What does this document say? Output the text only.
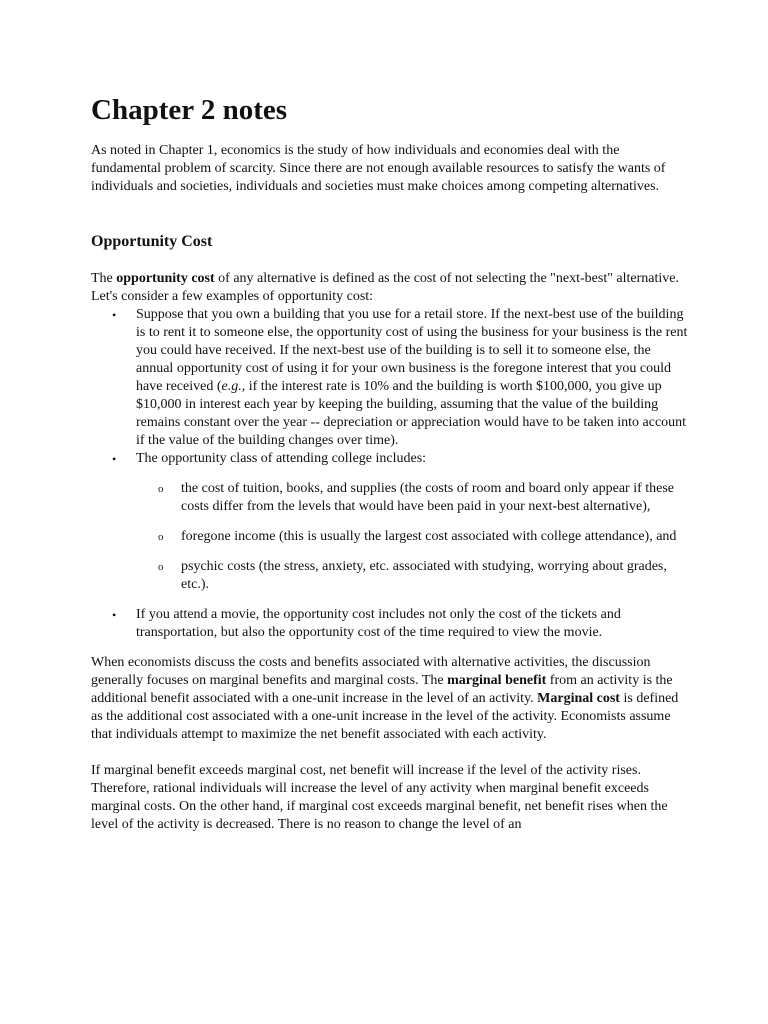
Chapter 2 notes

As noted in Chapter 1, economics is the study of how individuals and economies deal with the fundamental problem of scarcity. Since there are not enough available resources to satisfy the wants of individuals and societies, individuals and societies must make choices among competing alternatives.

Opportunity Cost

The opportunity cost of any alternative is defined as the cost of not selecting the "next-best" alternative. Let's consider a few examples of opportunity cost:

• Suppose that you own a building that you use for a retail store. If the next-best use of the building is to rent it to someone else, the opportunity cost of using the business for your business is the rent you could have received. If the next-best use of the building is to sell it to someone else, the annual opportunity cost of using it for your own business is the foregone interest that you could have received (e.g., if the interest rate is 10% and the building is worth $100,000, you give up $10,000 in interest each year by keeping the building, assuming that the value of the building remains constant over the year -- depreciation or appreciation would have to be taken into account if the value of the building changes over time).
• The opportunity class of attending college includes:
o the cost of tuition, books, and supplies (the costs of room and board only appear if these costs differ from the levels that would have been paid in your next-best alternative),
o foregone income (this is usually the largest cost associated with college attendance), and
o psychic costs (the stress, anxiety, etc. associated with studying, worrying about grades, etc.).
• If you attend a movie, the opportunity cost includes not only the cost of the tickets and transportation, but also the opportunity cost of the time required to view the movie.

When economists discuss the costs and benefits associated with alternative activities, the discussion generally focuses on marginal benefits and marginal costs. The marginal benefit from an activity is the additional benefit associated with a one-unit increase in the level of an activity. Marginal cost is defined as the additional cost associated with a one-unit increase in the level of the activity. Economists assume that individuals attempt to maximize the net benefit associated with each activity.

If marginal benefit exceeds marginal cost, net benefit will increase if the level of the activity rises. Therefore, rational individuals will increase the level of any activity when marginal benefit exceeds marginal costs. On the other hand, if marginal cost exceeds marginal benefit, net benefit rises when the level of the activity is decreased. There is no reason to change the level of an
